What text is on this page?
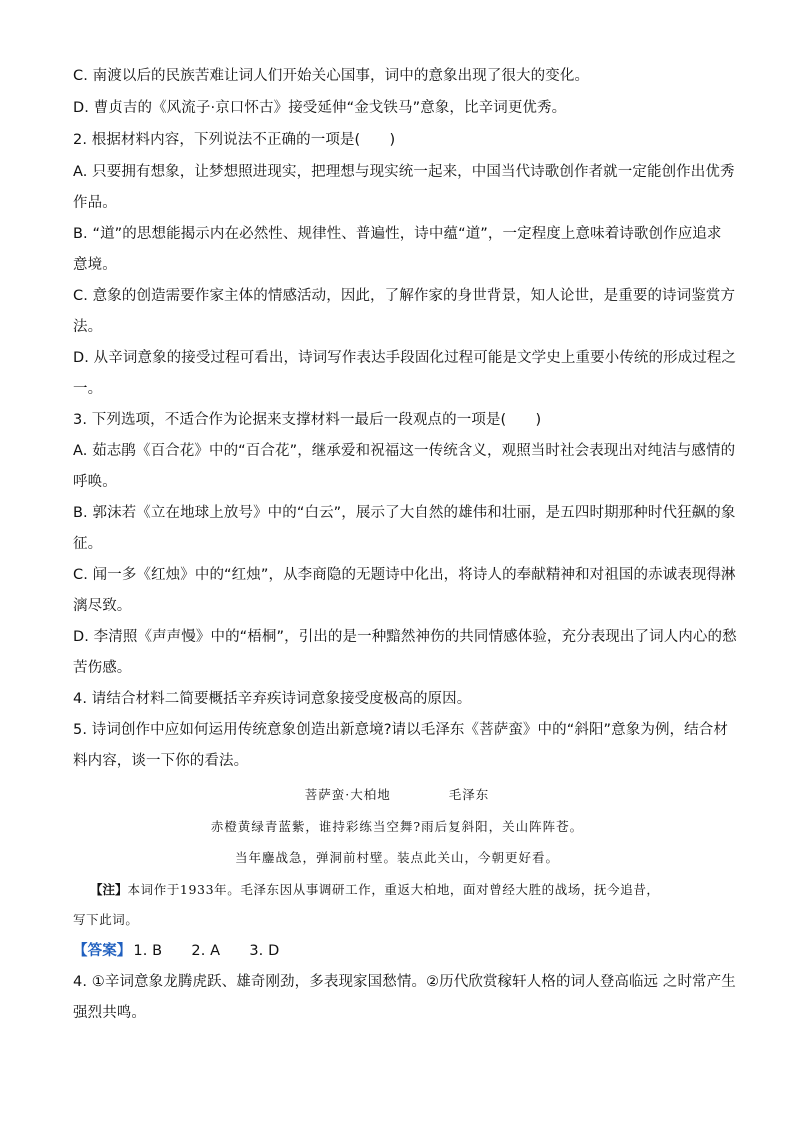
C. 南渡以后的民族苦难让词人们开始关心国事，词中的意象出现了很大的变化。
D. 曹贞吉的《风流子·京口怀古》接受延伸“金戈铁马”意象，比辛词更优秀。
2. 根据材料内容，下列说法不正确的一项是(　　)
A. 只要拥有想象，让梦想照进现实，把理想与现实统一起来，中国当代诗歌创作者就一定能创作出优秀
作品。
B. “道”的思想能揭示内在必然性、规律性、普遍性，诗中蕴“道”，一定程度上意味着诗歌创作应追求
意境。
C. 意象的创造需要作家主体的情感活动，因此，了解作家的身世背景，知人论世，是重要的诗词鉴赏方
法。
D. 从辛词意象的接受过程可看出，诗词写作表达手段固化过程可能是文学史上重要小传统的形成过程之
一。
3. 下列选项，不适合作为论据来支撑材料一最后一段观点的一项是(　　)
A. 茹志鹃《百合花》中的“百合花”，继承爱和祝福这一传统含义，观照当时社会表现出对纯洁与感情的
呼唤。
B. 郭沫若《立在地球上放号》中的“白云”，展示了大自然的雄伟和壮丽，是五四时期那种时代狂飙的象
征。
C. 闻一多《红烛》中的“红烛”，从李商隐的无题诗中化出，将诗人的奉献精神和对祖国的赤诚表现得淋
漓尽致。
D. 李清照《声声慢》中的“梧桐”，引出的是一种黯然神伤的共同情感体验，充分表现出了词人内心的愁
苦伤感。
4. 请结合材料二简要概括辛弃疾诗词意象接受度极高的原因。
5. 诗词创作中应如何运用传统意象创造出新意境?请以毛泽东《菩萨蛮》中的“斜阳”意象为例，结合材
料内容，谈一下你的看法。
菩萨蛮·大柏地	毛泽东
赤橙黄绿青蓝紫，谁持彩练当空舞?雨后复斜阳，关山阵阵苍。
当年鏖战急，弹洞前村壁。装点此关山，今朝更好看。
【注】本词作于1933年。毛泽东因从事调研工作，重返大柏地，面对曾经大胜的战场，抚今追昔，
写下此词。
【答案】 1. B　　2. A　　3. D
4. ①辛词意象龙腾虎跃、雄奇刚劲，多表现家国愁情。②历代欣赏稼轩人格的词人登高临远 之时常产生
强烈共鸣。
